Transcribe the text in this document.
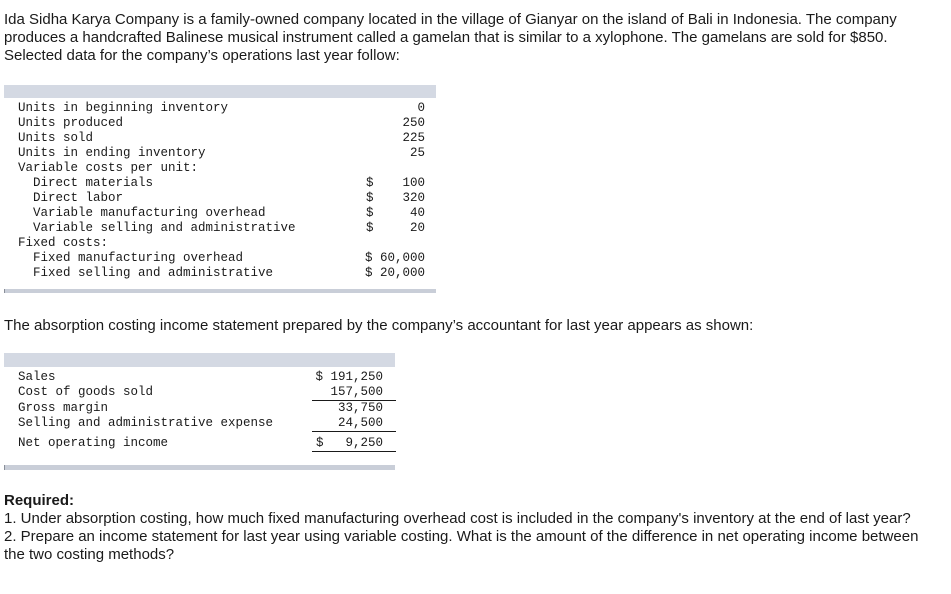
Ida Sidha Karya Company is a family-owned company located in the village of Gianyar on the island of Bali in Indonesia. The company produces a handcrafted Balinese musical instrument called a gamelan that is similar to a xylophone. The gamelans are sold for $850. Selected data for the company’s operations last year follow:
Units in beginning inventory	0
Units produced	250
Units sold	225
Units in ending inventory	25
Variable costs per unit:
Direct materials	$ 100
Direct labor	$ 320
Variable manufacturing overhead	$	40
Variable selling and administrative	$	20
Fixed costs:
Fixed manufacturing overhead	$ 60,000
Fixed selling and administrative	$ 20,000
The absorption costing income statement prepared by the company’s accountant for last year appears as shown:
Sales	$ 191,250
Cost of goods sold	157,500
Gross margin	33,750
Selling and administrative expense	24,500
Net operating income	$ 9,250
Required:
1. Under absorption costing, how much fixed manufacturing overhead cost is included in the company's inventory at the end of last year?
2. Prepare an income statement for last year using variable costing. What is the amount of the difference in net operating income between the two costing methods?
